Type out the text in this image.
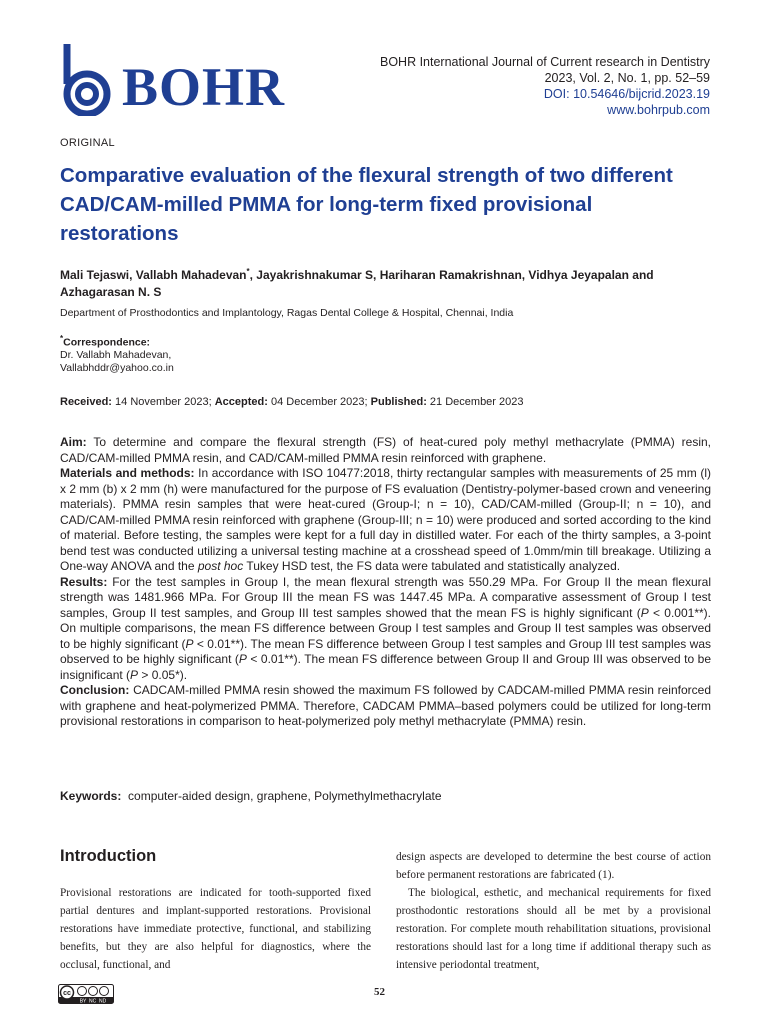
BOHR	BOHR International Journal of Current research in Dentistry
2023, Vol. 2, No. 1, pp. 52–59
DOI: 10.54646/bijcrid.2023.19
www.bohrpub.com
ORIGINAL
Comparative evaluation of the flexural strength of two different CAD/CAM-milled PMMA for long-term fixed provisional restorations
Mali Tejaswi, Vallabh Mahadevan*, Jayakrishnakumar S, Hariharan Ramakrishnan, Vidhya Jeyapalan and
Azhagarasan N. S
Department of Prosthodontics and Implantology, Ragas Dental College & Hospital, Chennai, India
*Correspondence:
Dr. Vallabh Mahadevan,
Vallabhddr@yahoo.co.in
Received: 14 November 2023; Accepted: 04 December 2023; Published: 21 December 2023

Aim: To determine and compare the flexural strength (FS) of heat-cured poly methyl methacrylate (PMMA) resin, CAD/CAM-milled PMMA resin, and CAD/CAM-milled PMMA resin reinforced with graphene.

Materials and methods: In accordance with ISO 10477:2018, thirty rectangular samples with measurements of 25 mm (l) x 2 mm (b) x 2 mm (h) were manufactured for the purpose of FS evaluation (Dentistry-polymer-based crown and veneering materials). PMMA resin samples that were heat-cured (Group-I; n = 10), CAD/CAM-milled (Group-II; n = 10), and CAD/CAM-milled PMMA resin reinforced with graphene (Group-III; n = 10) were produced and sorted according to the kind of material. Before testing, the samples were kept for a full day in distilled water. For each of the thirty samples, a 3-point bend test was conducted utilizing a universal testing machine at a crosshead speed of 1.0mm/min till breakage. Utilizing a One-way ANOVA and the post hoc Tukey HSD test, the FS data were tabulated and statistically analyzed.

Results: For the test samples in Group I, the mean flexural strength was 550.29 MPa. For Group II the mean flexural strength was 1481.966 MPa. For Group III the mean FS was 1447.45 MPa. A comparative assessment of Group I test samples, Group II test samples, and Group III test samples showed that the mean FS is highly significant (P < 0.001**). On multiple comparisons, the mean FS difference between Group I test samples and Group II test samples was observed to be highly significant (P < 0.01**). The mean FS difference between Group I test samples and Group III test samples was observed to be highly significant (P < 0.01**). The mean FS difference between Group II and Group III was observed to be insignificant (P > 0.05*).

Conclusion: CADCAM-milled PMMA resin showed the maximum FS followed by CADCAM-milled PMMA resin reinforced with graphene and heat-polymerized PMMA. Therefore, CADCAM PMMA–based polymers could be utilized for long-term provisional restorations in comparison to heat-polymerized poly methyl methacrylate (PMMA) resin.

Keywords:  computer-aided design, graphene, Polymethylmethacrylate
Introduction

Provisional restorations are indicated for tooth-supported fixed partial dentures and implant-supported restorations. Provisional restorations have immediate protective, functional, and stabilizing benefits, but they are also helpful for diagnostics, where the occlusal, functional, and

design aspects are developed to determine the best course of action before permanent restorations are fabricated (1).

The biological, esthetic, and mechanical requirements for fixed prosthodontic restorations should all be met by a provisional restoration. For complete mouth rehabilitation situations, provisional restorations should last for a long time if additional therapy such as intensive periodontal treatment,

cc
BY  NC  ND
52
